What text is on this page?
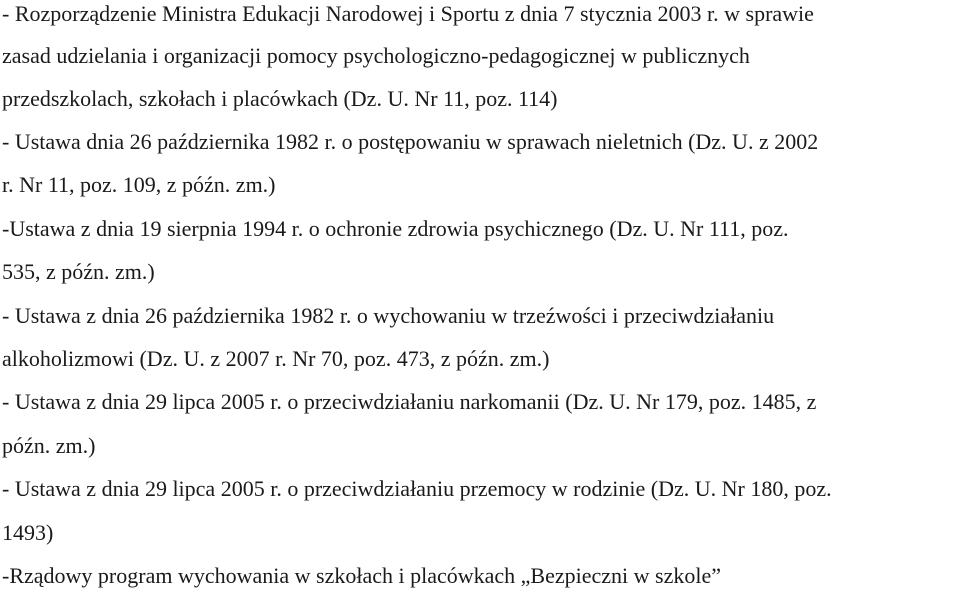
- Rozporządzenie Ministra Edukacji Narodowej i Sportu z dnia 7 stycznia 2003 r. w sprawie
zasad udzielania i organizacji pomocy psychologiczno-pedagogicznej w publicznych
przedszkolach, szkołach i placówkach (Dz. U. Nr 11, poz. 114)
- Ustawa dnia 26 października 1982 r. o postępowaniu w sprawach nieletnich (Dz. U. z 2002
r. Nr 11, poz. 109, z późn. zm.)
-Ustawa z dnia 19 sierpnia 1994 r. o ochronie zdrowia psychicznego (Dz. U. Nr 111, poz.
535, z późn. zm.)
- Ustawa z dnia 26 października 1982 r. o wychowaniu w trzeźwości i przeciwdziałaniu
alkoholizmowi (Dz. U. z 2007 r. Nr 70, poz. 473, z późn. zm.)
- Ustawa z dnia 29 lipca 2005 r. o przeciwdziałaniu narkomanii (Dz. U. Nr 179, poz. 1485, z
późn. zm.)
- Ustawa z dnia 29 lipca 2005 r. o przeciwdziałaniu przemocy w rodzinie (Dz. U. Nr 180, poz.
1493)
-Rządowy program wychowania w szkołach i placówkach „Bezpieczni w szkole”
